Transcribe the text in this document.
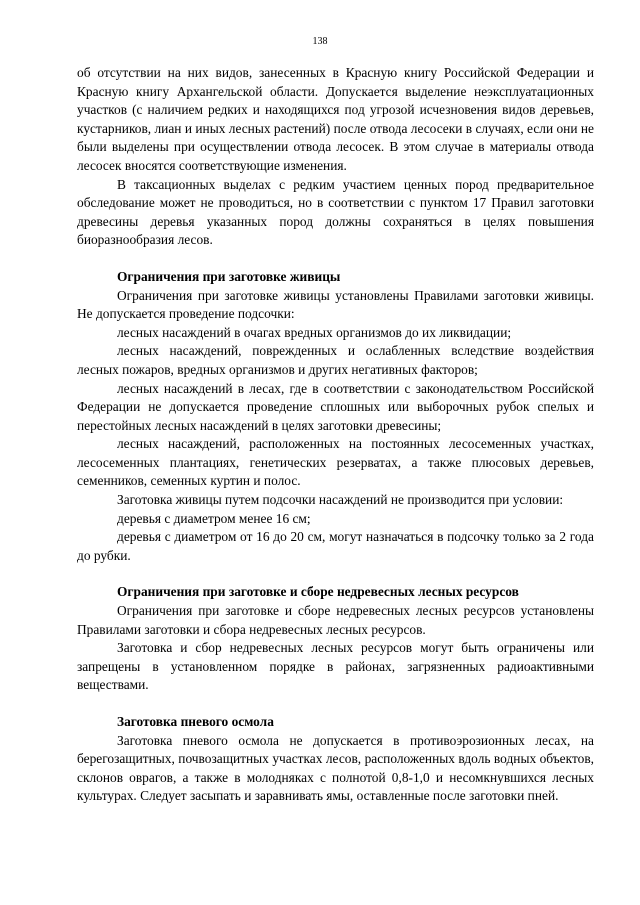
138

об отсутствии на них видов, занесенных в Красную книгу Российской Федерации и Красную книгу Архангельской области. Допускается выделение неэксплуатационных участков (с наличием редких и находящихся под угрозой исчезновения видов деревьев, кустарников, лиан и иных лесных растений) после отвода лесосеки в случаях, если они не были выделены при осуществлении отвода лесосек. В этом случае в материалы отвода лесосек вносятся соответствующие изменения.

В таксационных выделах с редким участием ценных пород предварительное обследование может не проводиться, но в соответствии с пунктом 17 Правил заготовки древесины деревья указанных пород должны сохраняться в целях повышения биоразнообразия лесов.

Ограничения при заготовке живицы

Ограничения при заготовке живицы установлены Правилами заготовки живицы. Не допускается проведение подсочки:

лесных насаждений в очагах вредных организмов до их ликвидации;

лесных насаждений, поврежденных и ослабленных вследствие воздействия лесных пожаров, вредных организмов и других негативных факторов;

лесных насаждений в лесах, где в соответствии с законодательством Российской Федерации не допускается проведение сплошных или выборочных рубок спелых и перестойных лесных насаждений в целях заготовки древесины;

лесных насаждений, расположенных на постоянных лесосеменных участках, лесосеменных плантациях, генетических резерватах, а также плюсовых деревьев, семенников, семенных куртин и полос.

Заготовка живицы путем подсочки насаждений не производится при условии:

деревья с диаметром менее 16 см;

деревья с диаметром от 16 до 20 см, могут назначаться в подсочку только за 2 года до рубки.

Ограничения при заготовке и сборе недревесных лесных ресурсов

Ограничения при заготовке и сборе недревесных лесных ресурсов установлены Правилами заготовки и сбора недревесных лесных ресурсов.

Заготовка и сбор недревесных лесных ресурсов могут быть ограничены или запрещены в установленном порядке в районах, загрязненных радиоактивными веществами.

Заготовка пневого осмола

Заготовка пневого осмола не допускается в противоэрозионных лесах, на берегозащитных, почвозащитных участках лесов, расположенных вдоль водных объектов, склонов оврагов, а также в молодняках с полнотой 0,8-1,0 и несомкнувшихся лесных культурах. Следует засыпать и заравнивать ямы, оставленные после заготовки пней.
